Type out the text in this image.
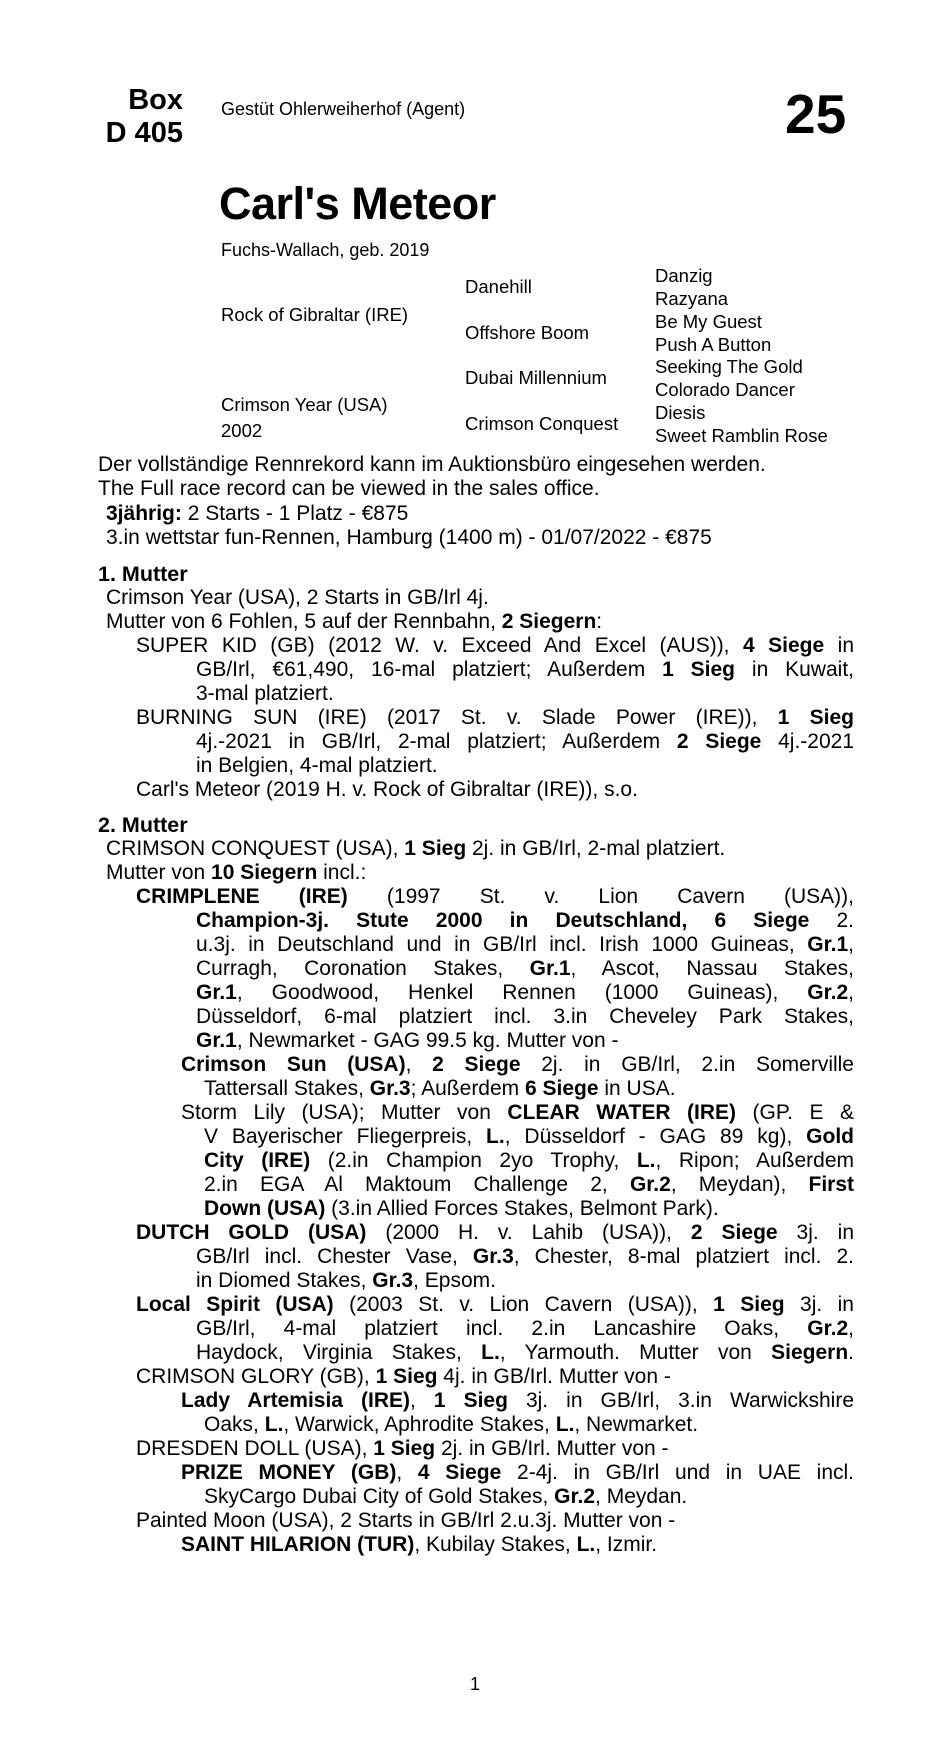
Box
D 405
Gestüt Ohlerweiherhof (Agent)	25
Carl's Meteor
Fuchs-Wallach, geb. 2019
Rock of Gibraltar (IRE)
Crimson Year (USA)
2002
Danehill
Offshore Boom
Dubai Millennium
Crimson Conquest
Danzig
Razyana
Be My Guest
Push A Button
Seeking The Gold
Colorado Dancer
Diesis
Sweet Ramblin Rose
Der vollständige Rennrekord kann im Auktionsbüro eingesehen werden.
The Full race record can be viewed in the sales office.
3jährig: 2 Starts - 1 Platz - €875
3.in wettstar fun-Rennen, Hamburg (1400 m) - 01/07/2022 - €875
1. Mutter
Crimson Year (USA), 2 Starts in GB/Irl 4j.
Mutter von 6 Fohlen, 5 auf der Rennbahn, 2 Siegern:
SUPER KID (GB) (2012 W. v. Exceed And Excel (AUS)), 4 Siege in
GB/Irl, €61,490, 16-mal platziert; Außerdem 1 Sieg in Kuwait,
3-mal platziert.
BURNING SUN (IRE) (2017 St. v. Slade Power (IRE)), 1 Sieg
4j.-2021 in GB/Irl, 2-mal platziert; Außerdem 2 Siege 4j.-2021
in Belgien, 4-mal platziert.
Carl's Meteor (2019 H. v. Rock of Gibraltar (IRE)), s.o.
2. Mutter
CRIMSON CONQUEST (USA), 1 Sieg 2j. in GB/Irl, 2-mal platziert.
Mutter von 10 Siegern incl.:
CRIMPLENE (IRE) (1997 St. v. Lion Cavern (USA)),
Champion-3j. Stute 2000 in Deutschland, 6 Siege 2.
u.3j. in Deutschland und in GB/Irl incl. Irish 1000 Guineas, Gr.1,
Curragh, Coronation Stakes, Gr.1, Ascot, Nassau Stakes,
Gr.1, Goodwood, Henkel Rennen (1000 Guineas), Gr.2,
Düsseldorf, 6-mal platziert incl. 3.in Cheveley Park Stakes,
Gr.1, Newmarket - GAG 99.5 kg. Mutter von -
Crimson Sun (USA), 2 Siege 2j. in GB/Irl, 2.in Somerville
Tattersall Stakes, Gr.3; Außerdem 6 Siege in USA.
Storm Lily (USA); Mutter von CLEAR WATER (IRE) (GP. E &
V Bayerischer Fliegerpreis, L., Düsseldorf - GAG 89 kg), Gold
City (IRE) (2.in Champion 2yo Trophy, L., Ripon; Außerdem
2.in EGA Al Maktoum Challenge 2, Gr.2, Meydan), First
Down (USA) (3.in Allied Forces Stakes, Belmont Park).
DUTCH GOLD (USA) (2000 H. v. Lahib (USA)), 2 Siege 3j. in
GB/Irl incl. Chester Vase, Gr.3, Chester, 8-mal platziert incl. 2.
in Diomed Stakes, Gr.3, Epsom.
Local Spirit (USA) (2003 St. v. Lion Cavern (USA)), 1 Sieg 3j. in
GB/Irl, 4-mal platziert incl. 2.in Lancashire Oaks, Gr.2,
Haydock, Virginia Stakes, L., Yarmouth. Mutter von Siegern.
CRIMSON GLORY (GB), 1 Sieg 4j. in GB/Irl. Mutter von -
Lady Artemisia (IRE), 1 Sieg 3j. in GB/Irl, 3.in Warwickshire
Oaks, L., Warwick, Aphrodite Stakes, L., Newmarket.
DRESDEN DOLL (USA), 1 Sieg 2j. in GB/Irl. Mutter von -
PRIZE MONEY (GB), 4 Siege 2-4j. in GB/Irl und in UAE incl.
SkyCargo Dubai City of Gold Stakes, Gr.2, Meydan.
Painted Moon (USA), 2 Starts in GB/Irl 2.u.3j. Mutter von -
SAINT HILARION (TUR), Kubilay Stakes, L., Izmir.
1
